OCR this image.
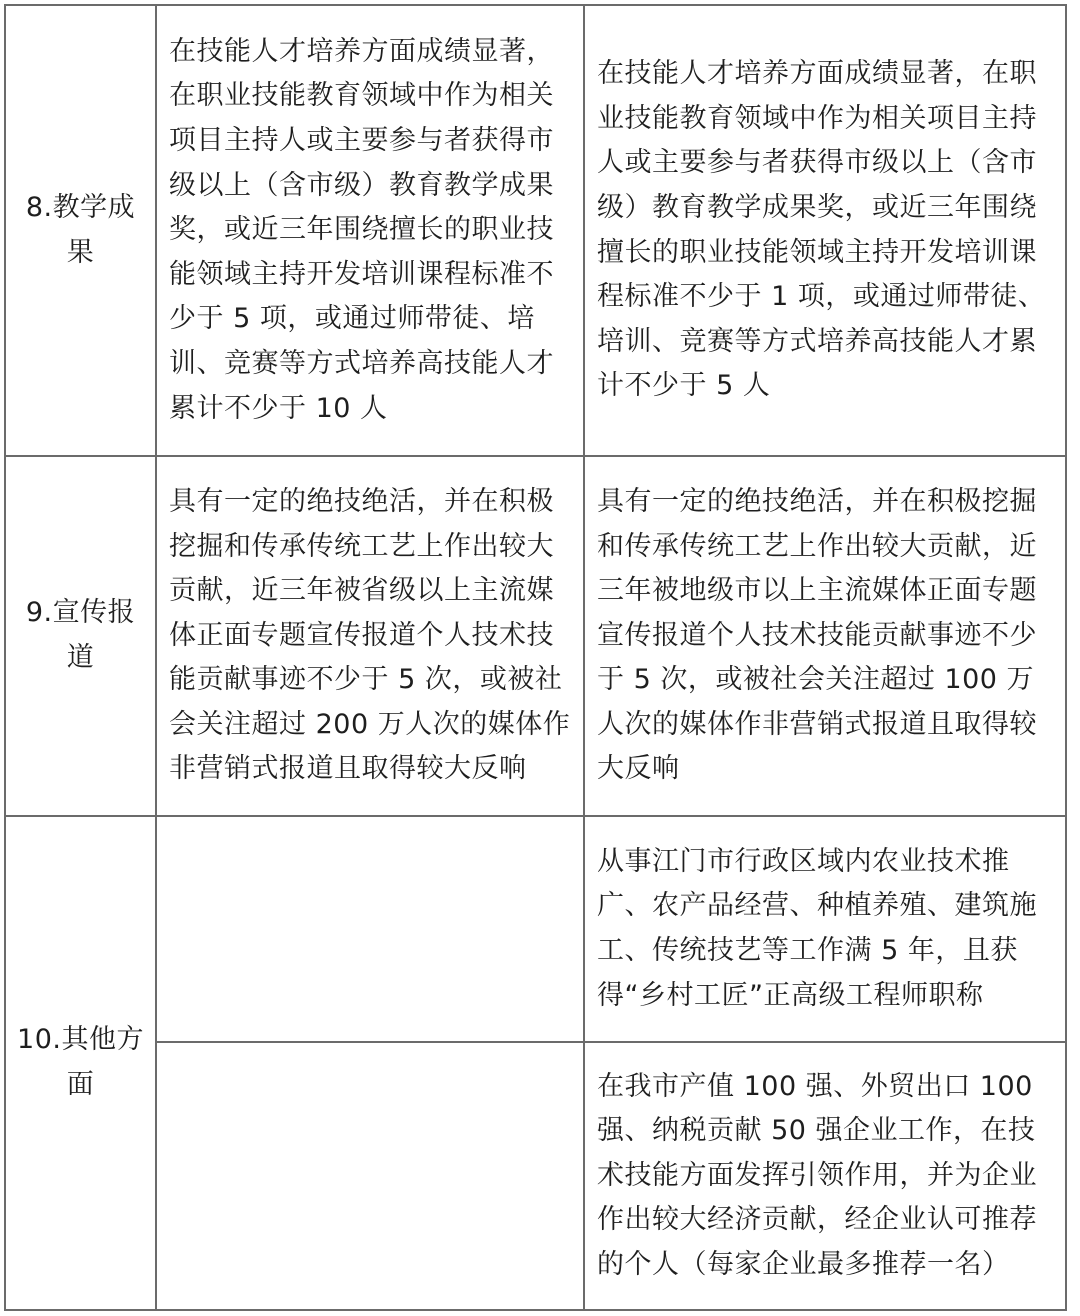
8.教学成果
在技能人才培养方面成绩显著，在职业技能教育领域中作为相关项目主持人或主要参与者获得市级以上（含市级）教育教学成果奖，或近三年围绕擅长的职业技能领域主持开发培训课程标准不少于 5 项，或通过师带徒、培训、竞赛等方式培养高技能人才累计不少于 10 人
在技能人才培养方面成绩显著，在职业技能教育领域中作为相关项目主持人或主要参与者获得市级以上（含市级）教育教学成果奖，或近三年围绕擅长的职业技能领域主持开发培训课程标准不少于 1 项，或通过师带徒、培训、竞赛等方式培养高技能人才累计不少于 5 人
9.宣传报道
具有一定的绝技绝活，并在积极挖掘和传承传统工艺上作出较大贡献，近三年被省级以上主流媒体正面专题宣传报道个人技术技能贡献事迹不少于 5 次，或被社会关注超过 200 万人次的媒体作非营销式报道且取得较大反响
具有一定的绝技绝活，并在积极挖掘和传承传统工艺上作出较大贡献，近三年被地级市以上主流媒体正面专题宣传报道个人技术技能贡献事迹不少于 5 次，或被社会关注超过 100 万人次的媒体作非营销式报道且取得较大反响
10.其他方面
从事江门市行政区域内农业技术推广、农产品经营、种植养殖、建筑施工、传统技艺等工作满 5 年，且获得“乡村工匠”正高级工程师职称
在我市产值 100 强、外贸出口 100 强、纳税贡献 50 强企业工作，在技术技能方面发挥引领作用，并为企业作出较大经济贡献，经企业认可推荐的个人（每家企业最多推荐一名）
